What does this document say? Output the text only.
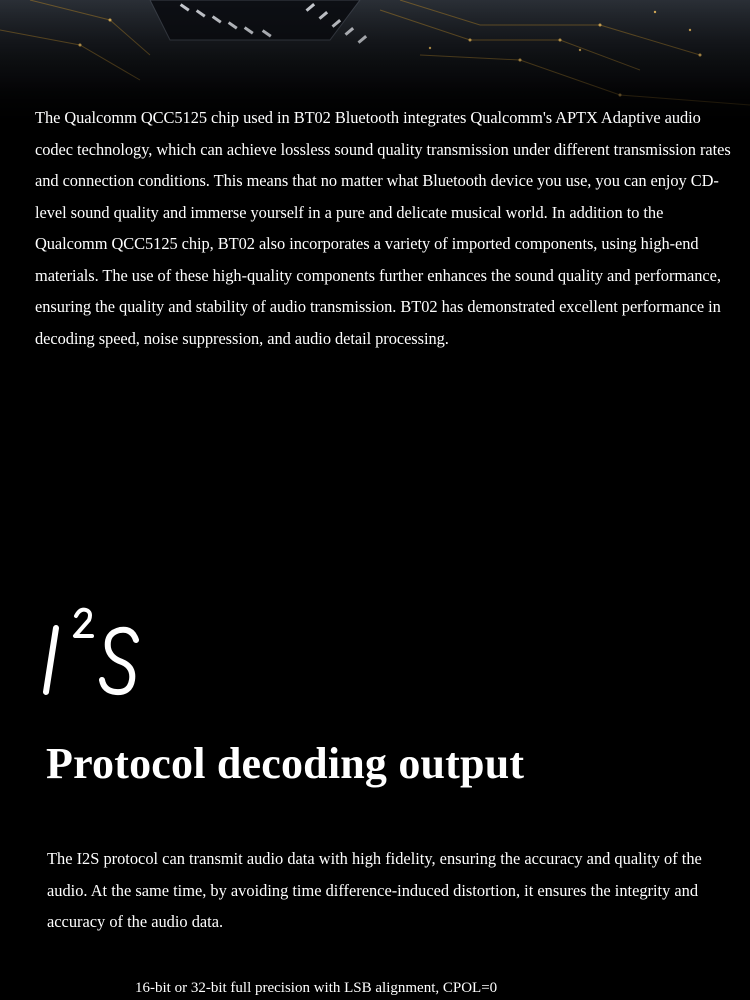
The Qualcomm QCC5125 chip used in BT02 Bluetooth integrates Qualcomm's APTX Adaptive audio codec technology, which can achieve lossless sound quality transmission under different transmission rates and connection conditions. This means that no matter what Bluetooth device you use, you can enjoy CD-level sound quality and immerse yourself in a pure and delicate musical world. In addition to the Qualcomm QCC5125 chip, BT02 also incorporates a variety of imported components, using high-end materials. The use of these high-quality components further enhances the sound quality and performance, ensuring the quality and stability of audio transmission. BT02 has demonstrated excellent performance in decoding speed, noise suppression, and audio detail processing.

Protocol decoding output

The I2S protocol can transmit audio data with high fidelity, ensuring the accuracy and quality of the audio. At the same time, by avoiding time difference-induced distortion, it ensures the integrity and accuracy of the audio data.

16-bit or 32-bit full precision with LSB alignment, CPOL=0
